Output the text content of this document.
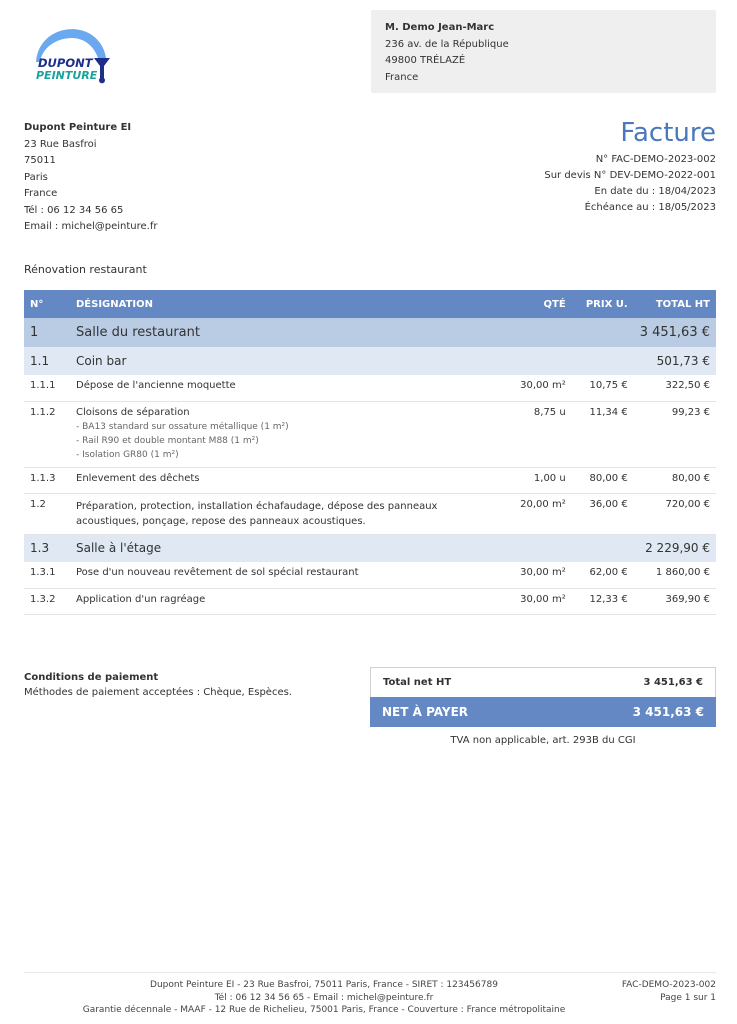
DUPONT
PEINTURE
M. Demo Jean-Marc
236 av. de la République
49800 TRÉLAZÉ
France
Dupont Peinture EI
23 Rue Basfroi
75011
Paris
France
Tél : 06 12 34 56 65
Email : michel@peinture.fr
Facture
N° FAC-DEMO-2023-002
Sur devis N° DEV-DEMO-2022-001
En date du : 18/04/2023
Échéance au : 18/05/2023
Rénovation restaurant
N°	DÉSIGNATION	QTÉ	PRIX U.	TOTAL HT
1	Salle du restaurant			3 451,63 €
1.1	Coin bar			501,73 €
1.1.1	Dépose de l'ancienne moquette	30,00 m²	10,75 €	322,50 €
1.1.2	Cloisons de séparation
- BA13 standard sur ossature métallique (1 m²)
- Rail R90 et double montant M88 (1 m²)
- Isolation GR80 (1 m²)	8,75 u	11,34 €	99,23 €
1.1.3	Enlevement des dêchets	1,00 u	80,00 €	80,00 €
1.2	Préparation, protection, installation échafaudage, dépose des panneaux acoustiques, ponçage, repose des panneaux acoustiques.	20,00 m²	36,00 €	720,00 €
1.3	Salle à l'étage			2 229,90 €
1.3.1	Pose d'un nouveau revêtement de sol spécial restaurant	30,00 m²	62,00 €	1 860,00 €
1.3.2	Application d'un ragréage	30,00 m²	12,33 €	369,90 €
Conditions de paiement
Méthodes de paiement acceptées : Chèque, Espèces.
Total net HT	3 451,63 €
NET À PAYER	3 451,63 €
TVA non applicable, art. 293B du CGI
Dupont Peinture EI - 23 Rue Basfroi, 75011 Paris, France - SIRET : 123456789
Tél : 06 12 34 56 65 - Email : michel@peinture.fr
Garantie décennale - MAAF - 12 Rue de Richelieu, 75001 Paris, France - Couverture : France métropolitaine
FAC-DEMO-2023-002
Page 1 sur 1
